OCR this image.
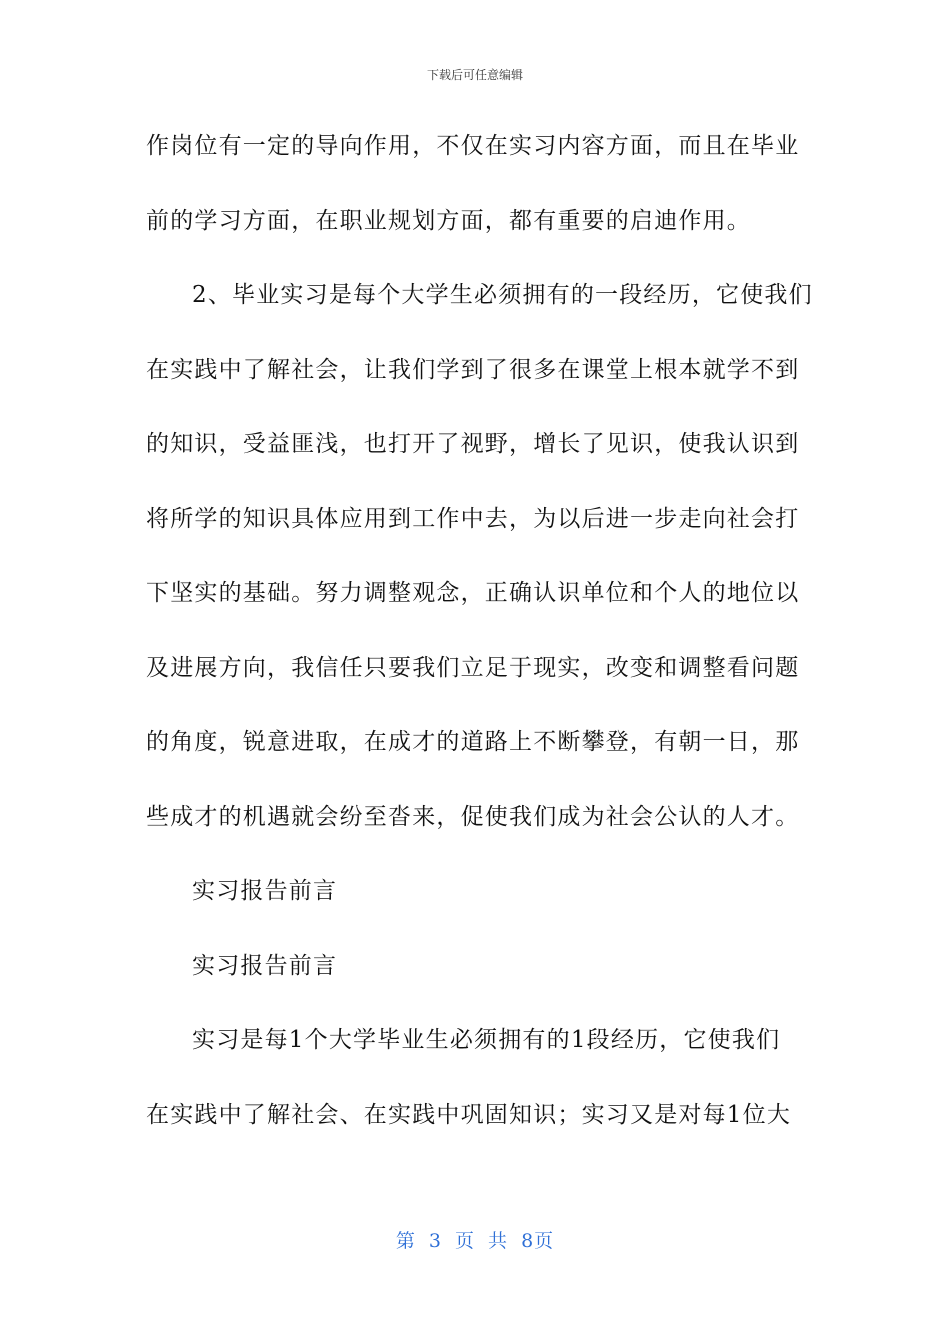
下载后可任意编辑
作岗位有一定的导向作用，不仅在实习内容方面，而且在毕业
前的学习方面，在职业规划方面，都有重要的启迪作用。
2、毕业实习是每个大学生必须拥有的一段经历，它使我们
在实践中了解社会，让我们学到了很多在课堂上根本就学不到
的知识，受益匪浅，也打开了视野，增长了见识，使我认识到
将所学的知识具体应用到工作中去，为以后进一步走向社会打
下坚实的基础。努力调整观念，正确认识单位和个人的地位以
及进展方向，我信任只要我们立足于现实，改变和调整看问题
的角度，锐意进取，在成才的道路上不断攀登，有朝一日，那
些成才的机遇就会纷至沓来，促使我们成为社会公认的人才。
实习报告前言
实习报告前言
实习是每1个大学毕业生必须拥有的1段经历，它使我们
在实践中了解社会、在实践中巩固知识；实习又是对每1位大
第 3 页 共 8页
